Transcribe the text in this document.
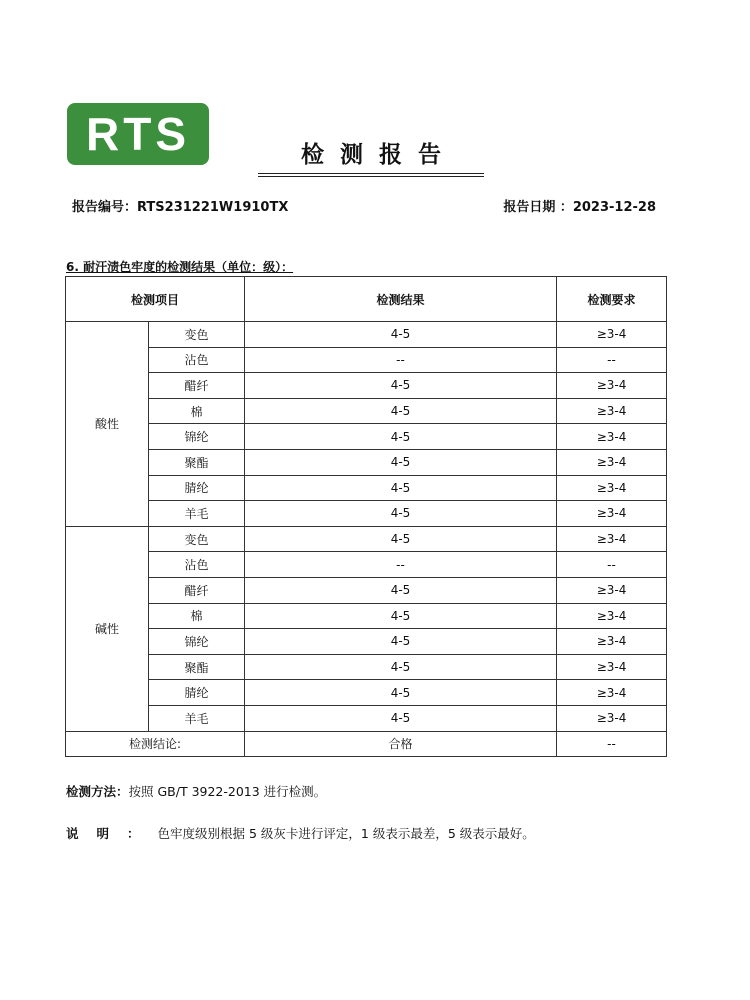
RTS	检测报告
报告编号：RTS231221W1910TX	报告日期 ：2023-12-28
6. 耐汗渍色牢度的检测结果（单位：级）：
检测项目		检测结果	检测要求
酸性	变色	4-5	≥3-4
	沾色	--	--
	醋纤	4-5	≥3-4
	棉	4-5	≥3-4
	锦纶	4-5	≥3-4
	聚酯	4-5	≥3-4
	腈纶	4-5	≥3-4
	羊毛	4-5	≥3-4
碱性	变色	4-5	≥3-4
	沾色	--	--
	醋纤	4-5	≥3-4
	棉	4-5	≥3-4
	锦纶	4-5	≥3-4
	聚酯	4-5	≥3-4
	腈纶	4-5	≥3-4
	羊毛	4-5	≥3-4
检测结论:		合格	--
检测方法：按照 GB/T 3922-2013 进行检测。
说明：色牢度级别根据 5 级灰卡进行评定，1 级表示最差，5 级表示最好。
